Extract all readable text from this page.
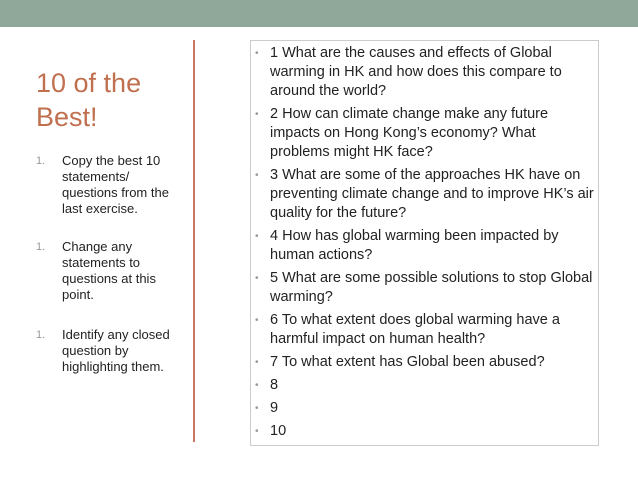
10 of the
Best!
1. Copy the best 10 statements/ questions from the last exercise.
1. Change any statements to questions at this point.
1. Identify any closed question by highlighting them.
• 1 What are the causes and effects of Global warming in HK and how does this compare to around the world?
• 2 How can climate change make any future impacts on Hong Kong’s economy? What problems might HK face?
• 3 What are some of the approaches HK have on preventing climate change and to improve HK’s air quality for the future?
• 4 How has global warming been impacted by human actions?
• 5 What are some possible solutions to stop Global warming?
• 6 To what extent does global warming have a harmful impact on human health?
• 7 To what extent has Global been abused?
• 8
• 9
• 10
